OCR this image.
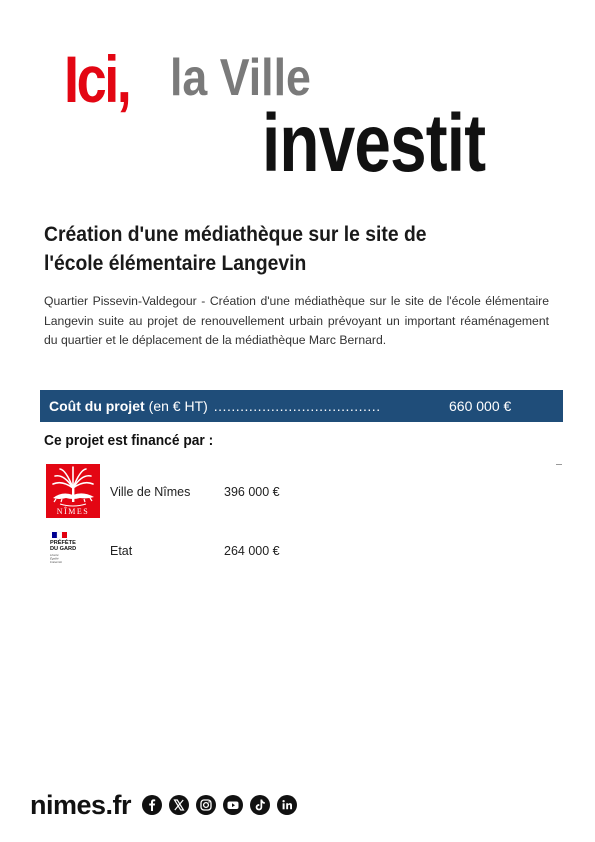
Ici, la Ville
investit
Création d'une médiathèque sur le site de
l'école élémentaire Langevin

Quartier Pissevin-Valdegour - Création d'une médiathèque sur le site de l'école élémentaire Langevin suite au projet de renouvellement urbain prévoyant un important réaménagement du quartier et le déplacement de la médiathèque Marc Bernard.

Coût du projet (en € HT) ......................................	660 000 €
Ce projet est financé par :
NÎMES
Ville de Nîmes	396 000 €
PRÉFÈTE
DU GARD
Liberté
Égalité
Fraternité
Etat	264 000 €
nimes.fr
